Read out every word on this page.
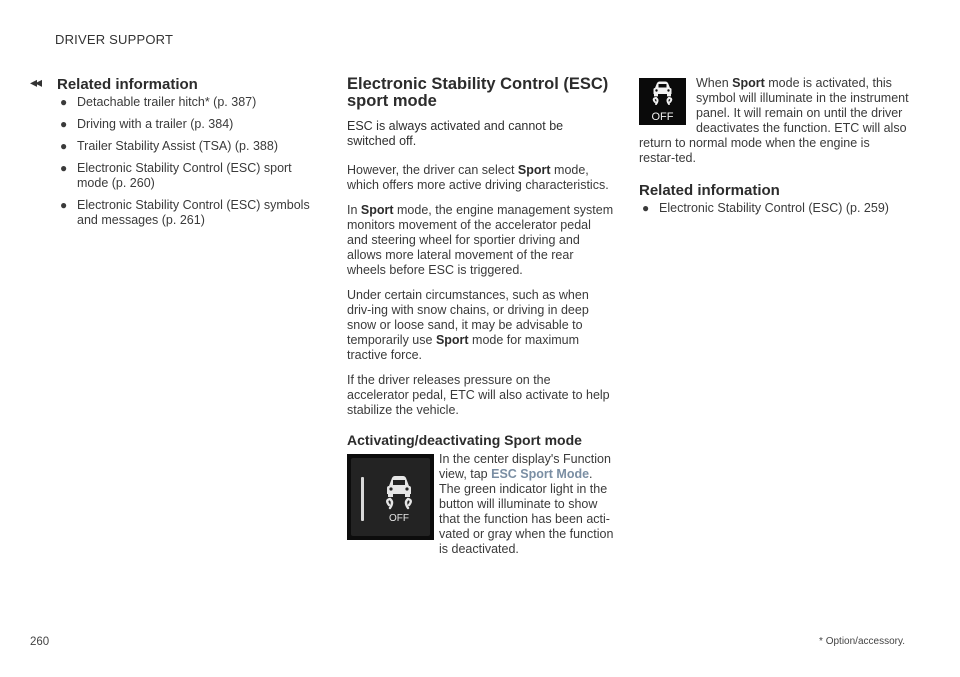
DRIVER SUPPORT
◂◂ Related information
● Detachable trailer hitch* (p. 387)
● Driving with a trailer (p. 384)
● Trailer Stability Assist (TSA) (p. 388)
● Electronic Stability Control (ESC) sport mode (p. 260)
● Electronic Stability Control (ESC) symbols and messages (p. 261)
Electronic Stability Control (ESC) sport mode

ESC is always activated and cannot be switched off.

However, the driver can select Sport mode, which offers more active driving characteristics.

In Sport mode, the engine management system monitors movement of the accelerator pedal and steering wheel for sportier driving and allows more lateral movement of the rear wheels before ESC is triggered.

Under certain circumstances, such as when driv-ing with snow chains, or driving in deep snow or loose sand, it may be advisable to temporarily use Sport mode for maximum tractive force.

If the driver releases pressure on the accelerator pedal, ETC will also activate to help stabilize the vehicle.

Activating/deactivating Sport mode
OFF

In the center display's Function view, tap ESC Sport Mode. The green indicator light in the button will illuminate to show that the function has been acti-vated or gray when the function is deactivated.

OFF

When Sport mode is activated, this symbol will illuminate in the instrument panel. It will remain on until the driver deactivates the function. ETC will also return to normal mode when the engine is restar-ted.

Related information
● Electronic Stability Control (ESC) (p. 259)
260	* Option/accessory.
